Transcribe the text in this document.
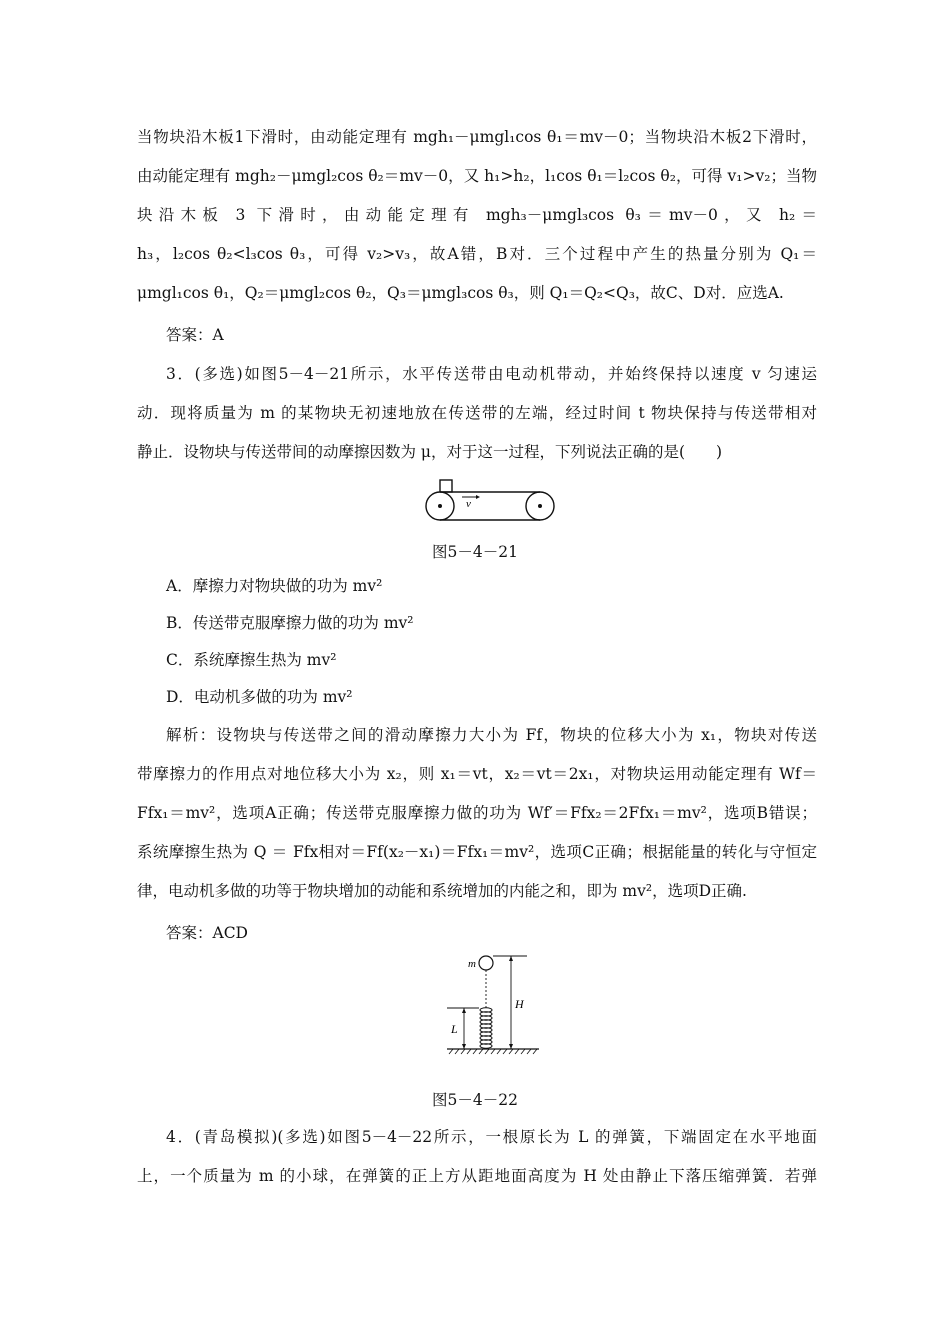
当物块沿木板1下滑时，由动能定理有 mgh₁－μmgl₁cos θ₁＝mv－0；当物块沿木板2下滑时，
由动能定理有 mgh₂－μmgl₂cos θ₂＝mv－0，又 h₁>h₂，l₁cos θ₁＝l₂cos θ₂，可得 v₁>v₂；当物
块沿木板 3 下滑时，由动能定理有 mgh₃－μmgl₃cos θ₃＝mv－0，又 h₂＝
h₃，l₂cos θ₂<l₃cos θ₃，可得 v₂>v₃，故A错，B对．三个过程中产生的热量分别为 Q₁＝
μmgl₁cos θ₁，Q₂＝μmgl₂cos θ₂，Q₃＝μmgl₃cos θ₃，则 Q₁＝Q₂<Q₃，故C、D对．应选A.
答案：A
3．(多选)如图5－4－21所示，水平传送带由电动机带动，并始终保持以速度 v 匀速运
动．现将质量为 m 的某物块无初速地放在传送带的左端，经过时间 t 物块保持与传送带相对
静止．设物块与传送带间的动摩擦因数为 μ，对于这一过程，下列说法正确的是(　　)
v
图5－4－21
A．摩擦力对物块做的功为 mv²
B．传送带克服摩擦力做的功为 mv²
C．系统摩擦生热为 mv²
D．电动机多做的功为 mv²
解析：设物块与传送带之间的滑动摩擦力大小为 Ff，物块的位移大小为 x₁，物块对传送
带摩擦力的作用点对地位移大小为 x₂，则 x₁＝vt，x₂＝vt＝2x₁，对物块运用动能定理有 Wf＝
Ffx₁＝mv²，选项A正确；传送带克服摩擦力做的功为 Wf′＝Ffx₂＝2Ffx₁＝mv²，选项B错误；
系统摩擦生热为 Q ＝ Ffx相对＝Ff(x₂－x₁)＝Ffx₁＝mv²，选项C正确；根据能量的转化与守恒定
律，电动机多做的功等于物块增加的动能和系统增加的内能之和，即为 mv²，选项D正确.
答案：ACD
m
L
H
图5－4－22
4．(青岛模拟)(多选)如图5－4－22所示，一根原长为 L 的弹簧，下端固定在水平地面
上，一个质量为 m 的小球，在弹簧的正上方从距地面高度为 H 处由静止下落压缩弹簧．若弹
